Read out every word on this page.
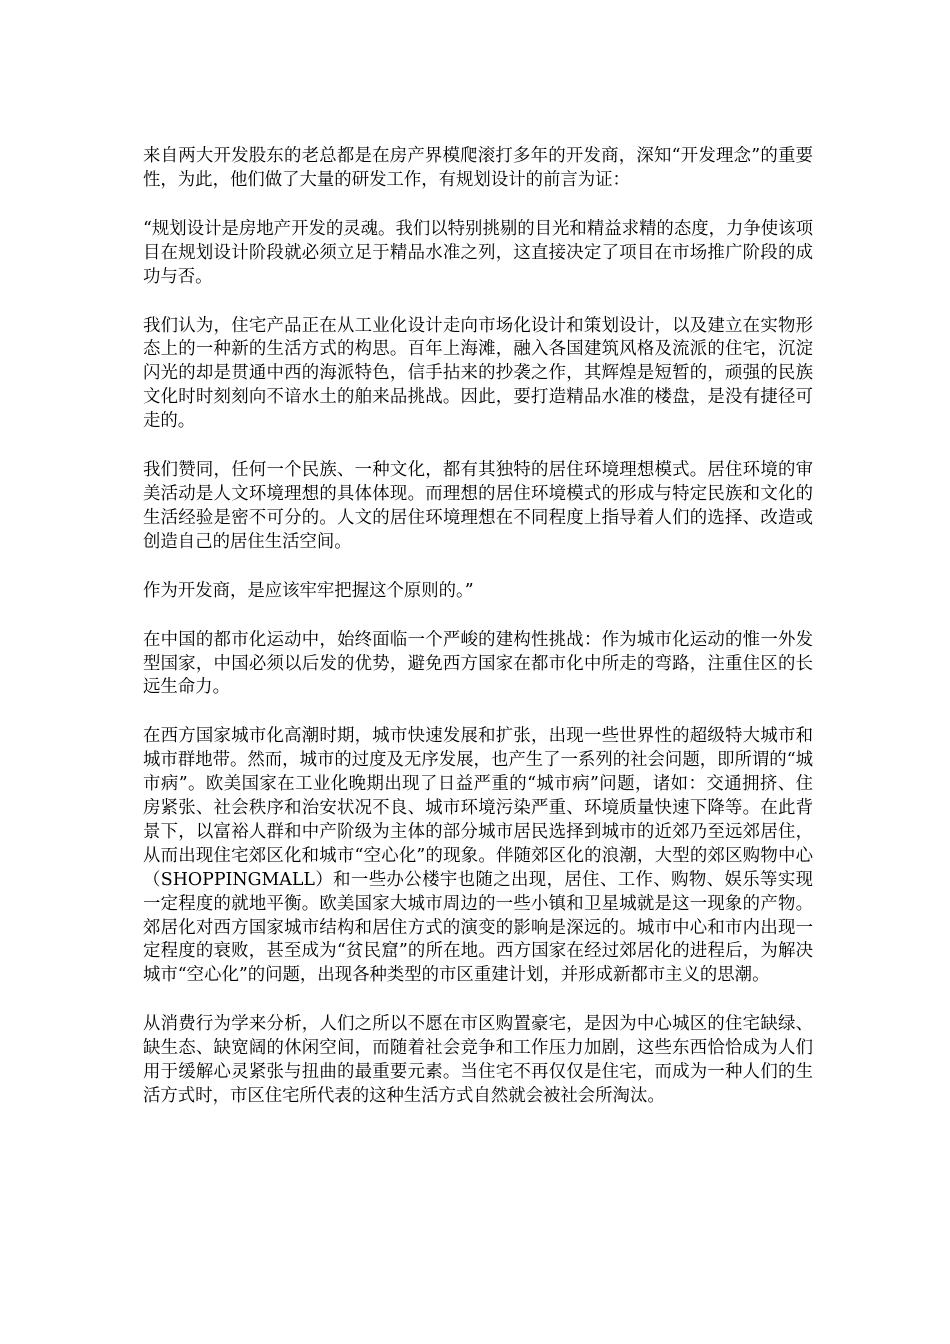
来自两大开发股东的老总都是在房产界模爬滚打多年的开发商，深知“开发理念”的重要性，为此，他们做了大量的研发工作，有规划设计的前言为证：

“规划设计是房地产开发的灵魂。我们以特别挑剔的目光和精益求精的态度，力争使该项目在规划设计阶段就必须立足于精品水准之列，这直接决定了项目在市场推广阶段的成功与否。

我们认为，住宅产品正在从工业化设计走向市场化设计和策划设计，以及建立在实物形态上的一种新的生活方式的构思。百年上海滩，融入各国建筑风格及流派的住宅，沉淀闪光的却是贯通中西的海派特色，信手拈来的抄袭之作，其辉煌是短暂的，顽强的民族文化时时刻刻向不谙水土的舶来品挑战。因此，要打造精品水准的楼盘，是没有捷径可走的。

我们赞同，任何一个民族、一种文化，都有其独特的居住环境理想模式。居住环境的审美活动是人文环境理想的具体体现。而理想的居住环境模式的形成与特定民族和文化的生活经验是密不可分的。人文的居住环境理想在不同程度上指导着人们的选择、改造或创造自己的居住生活空间。

作为开发商，是应该牢牢把握这个原则的。”

在中国的都市化运动中，始终面临一个严峻的建构性挑战：作为城市化运动的惟一外发型国家，中国必须以后发的优势，避免西方国家在都市化中所走的弯路，注重住区的长远生命力。

在西方国家城市化高潮时期，城市快速发展和扩张，出现一些世界性的超级特大城市和城市群地带。然而，城市的过度及无序发展，也产生了一系列的社会问题，即所谓的“城市病”。欧美国家在工业化晚期出现了日益严重的“城市病”问题，诸如：交通拥挤、住房紧张、社会秩序和治安状况不良、城市环境污染严重、环境质量快速下降等。在此背景下，以富裕人群和中产阶级为主体的部分城市居民选择到城市的近郊乃至远郊居住，从而出现住宅郊区化和城市“空心化”的现象。伴随郊区化的浪潮，大型的郊区购物中心（SHOPPINGMALL）和一些办公楼宇也随之出现，居住、工作、购物、娱乐等实现一定程度的就地平衡。欧美国家大城市周边的一些小镇和卫星城就是这一现象的产物。郊居化对西方国家城市结构和居住方式的演变的影响是深远的。城市中心和市内出现一定程度的衰败，甚至成为“贫民窟”的所在地。西方国家在经过郊居化的进程后，为解决城市“空心化”的问题，出现各种类型的市区重建计划，并形成新都市主义的思潮。

从消费行为学来分析，人们之所以不愿在市区购置豪宅，是因为中心城区的住宅缺绿、缺生态、缺宽阔的休闲空间，而随着社会竞争和工作压力加剧，这些东西恰恰成为人们用于缓解心灵紧张与扭曲的最重要元素。当住宅不再仅仅是住宅，而成为一种人们的生活方式时，市区住宅所代表的这种生活方式自然就会被社会所淘汰。
